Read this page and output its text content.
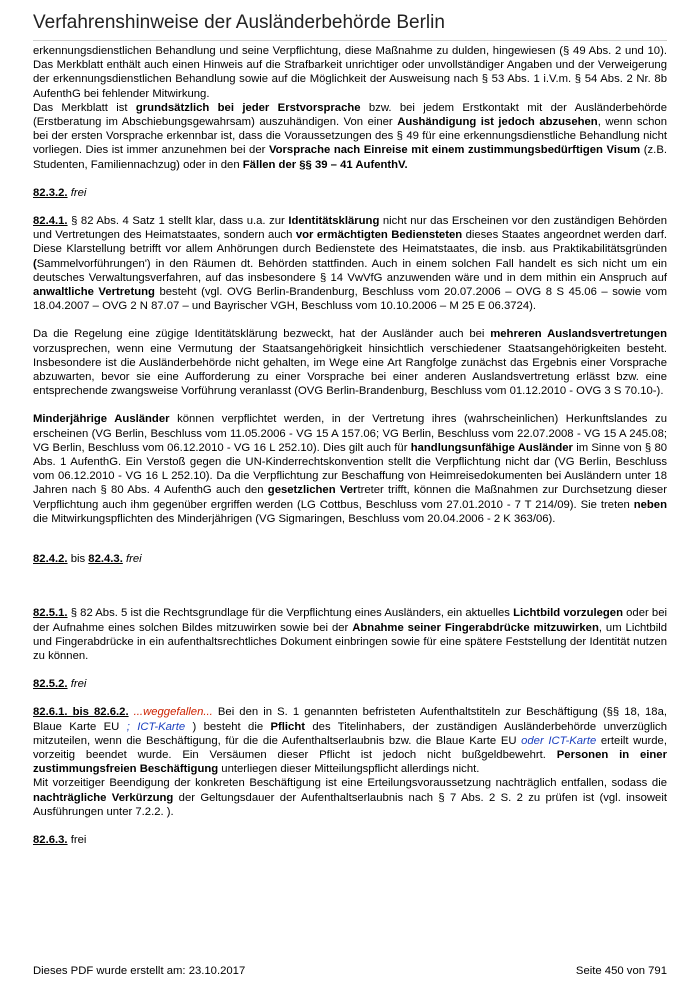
Verfahrenshinweise der Ausländerbehörde Berlin

erkennungsdienstlichen Behandlung und seine Verpflichtung, diese Maßnahme zu dulden, hingewiesen (§ 49 Abs. 2 und 10). Das Merkblatt enthält auch einen Hinweis auf die Strafbarkeit unrichtiger oder unvollständiger Angaben und der Verweigerung der erkennungsdienstlichen Behandlung sowie auf die Möglichkeit der Ausweisung nach § 53 Abs. 1 i.V.m. § 54 Abs. 2 Nr. 8b AufenthG bei fehlender Mitwirkung.

Das Merkblatt ist grundsätzlich bei jeder Erstvorsprache bzw. bei jedem Erstkontakt mit der Ausländerbehörde (Erstberatung im Abschiebungsgewahrsam) auszuhändigen. Von einer Aushändigung ist jedoch abzusehen, wenn schon bei der ersten Vorsprache erkennbar ist, dass die Voraussetzungen des § 49 für eine erkennungsdienstliche Behandlung nicht vorliegen. Dies ist immer anzunehmen bei der Vorsprache nach Einreise mit einem zustimmungsbedürftigen Visum (z.B. Studenten, Familiennachzug) oder in den Fällen der §§ 39 – 41 AufenthV.

82.3.2. frei

82.4.1. § 82 Abs. 4 Satz 1 stellt klar, dass u.a. zur Identitätsklärung nicht nur das Erscheinen vor den zuständigen Behörden und Vertretungen des Heimatstaates, sondern auch vor ermächtigten Bediensteten dieses Staates angeordnet werden darf. Diese Klarstellung betrifft vor allem Anhörungen durch Bedienstete des Heimatstaates, die insb. aus Praktikabilitätsgründen (Sammelvorführungen') in den Räumen dt. Behörden stattfinden. Auch in einem solchen Fall handelt es sich nicht um ein deutsches Verwaltungsverfahren, auf das insbesondere § 14 VwVfG anzuwenden wäre und in dem mithin ein Anspruch auf anwaltliche Vertretung besteht (vgl. OVG Berlin-Brandenburg, Beschluss vom 20.07.2006 – OVG 8 S 45.06 – sowie vom 18.04.2007 – OVG 2 N 87.07 – und Bayrischer VGH, Beschluss vom 10.10.2006 – M 25 E 06.3724).

Da die Regelung eine zügige Identitätsklärung bezweckt, hat der Ausländer auch bei mehreren Auslandsvertretungen vorzusprechen, wenn eine Vermutung der Staatsangehörigkeit hinsichtlich verschiedener Staatsangehörigkeiten besteht. Insbesondere ist die Ausländerbehörde nicht gehalten, im Wege eine Art Rangfolge zunächst das Ergebnis einer Vorsprache abzuwarten, bevor sie eine Aufforderung zu einer Vorsprache bei einer anderen Auslandsvertretung erlässt bzw. eine entsprechende zwangsweise Vorführung veranlasst (OVG Berlin-Brandenburg, Beschluss vom 01.12.2010 - OVG 3 S 70.10-).

Minderjährige Ausländer können verpflichtet werden, in der Vertretung ihres (wahrscheinlichen) Herkunftslandes zu erscheinen (VG Berlin, Beschluss vom 11.05.2006 - VG 15 A 157.06; VG Berlin, Beschluss vom 22.07.2008 - VG 15 A 245.08; VG Berlin, Beschluss vom 06.12.2010 - VG 16 L 252.10). Dies gilt auch für handlungsunfähige Ausländer im Sinne von § 80 Abs. 1 AufenthG. Ein Verstoß gegen die UN-Kinderrechtskonvention stellt die Verpflichtung nicht dar (VG Berlin, Beschluss vom 06.12.2010 - VG 16 L 252.10). Da die Verpflichtung zur Beschaffung von Heimreisedokumenten bei Ausländern unter 18 Jahren nach § 80 Abs. 4 AufenthG auch den gesetzlichen Vertreter trifft, können die Maßnahmen zur Durchsetzung dieser Verpflichtung auch ihm gegenüber ergriffen werden (LG Cottbus, Beschluss vom 27.01.2010 - 7 T 214/09). Sie treten neben die Mitwirkungspflichten des Minderjährigen (VG Sigmaringen, Beschluss vom 20.04.2006 - 2 K 363/06).

82.4.2. bis 82.4.3. frei

82.5.1. § 82 Abs. 5 ist die Rechtsgrundlage für die Verpflichtung eines Ausländers, ein aktuelles Lichtbild vorzulegen oder bei der Aufnahme eines solchen Bildes mitzuwirken sowie bei der Abnahme seiner Fingerabdrücke mitzuwirken, um Lichtbild und Fingerabdrücke in ein aufenthaltsrechtliches Dokument einbringen sowie für eine spätere Feststellung der Identität nutzen zu können.

82.5.2. frei

82.6.1. bis 82.6.2. ...weggefallen... Bei den in S. 1 genannten befristeten Aufenthaltstiteln zur Beschäftigung (§§ 18, 18a, Blaue Karte EU ; ICT-Karte ) besteht die Pflicht des Titelinhabers, der zuständigen Ausländerbehörde unverzüglich mitzuteilen, wenn die Beschäftigung, für die die Aufenthaltserlaubnis bzw. die Blaue Karte EU oder ICT-Karte erteilt wurde, vorzeitig beendet wurde. Ein Versäumen dieser Pflicht ist jedoch nicht bußgeldbewehrt. Personen in einer zustimmungsfreien Beschäftigung unterliegen dieser Mitteilungspflicht allerdings nicht.

Mit vorzeitiger Beendigung der konkreten Beschäftigung ist eine Erteilungsvoraussetzung nachträglich entfallen, sodass die nachträgliche Verkürzung der Geltungsdauer der Aufenthaltserlaubnis nach § 7 Abs. 2 S. 2 zu prüfen ist (vgl. insoweit Ausführungen unter 7.2.2. ).

82.6.3. frei

Dieses PDF wurde erstellt am: 23.10.2017	Seite 450 von 791
